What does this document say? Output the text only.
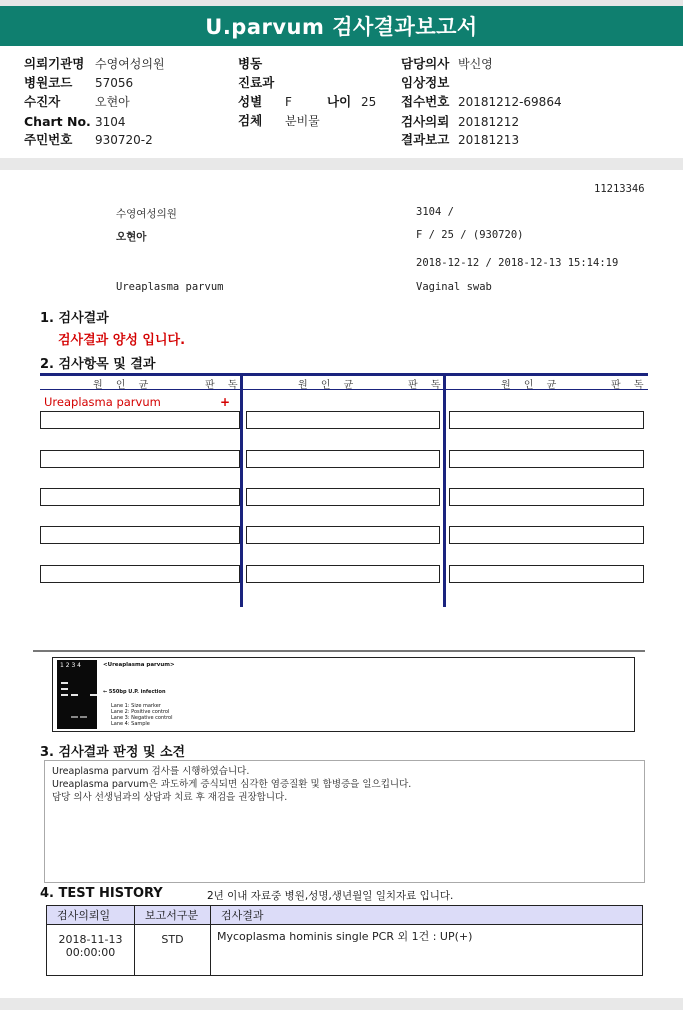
U.parvum 검사결과보고서
의뢰기관명 수영여성의원
병원코드 57056
수진자	오현아
Chart No. 3104
주민번호 930720-2
병동
진료과
성별 F	나이 25
검체 분비물
담당의사 박신영
임상정보
접수번호 20181212-69864
검사의뢰 20181212
결과보고 20181213
11213346
수영여성의원	3104 /
오현아	F / 25 / (930720)
2018-12-12 / 2018-12-13 15:14:19
Ureaplasma parvum	Vaginal swab
1. 검사결과
검사결과 양성 입니다.
2. 검사항목 및 결과
원 인 균	판 독	원 인 균	판 독	원 인 균	판 독
Ureaplasma parvum	+
1 2 3 4	<Ureaplasma parvum>
← 550bp U.P. infection
Lane 1: Size marker
Lane 2: Positive control
Lane 3: Negative control
Lane 4: Sample
3. 검사결과 판정 및 소견
Ureaplasma parvum 검사를 시행하였습니다.
Ureaplasma parvum은 과도하게 증식되면 심각한 염증질환 및 합병증을 일으킵니다.
담당 의사 선생님과의 상담과 치료 후 재검을 권장합니다.
4. TEST HISTORY	2년 이내 자료중 병원,성명,생년월일 일치자료 입니다.
검사의뢰일	보고서구분	검사결과

2018-11-13
00:00:00	STD	Mycoplasma hominis single PCR 외 1건 : UP(+)
